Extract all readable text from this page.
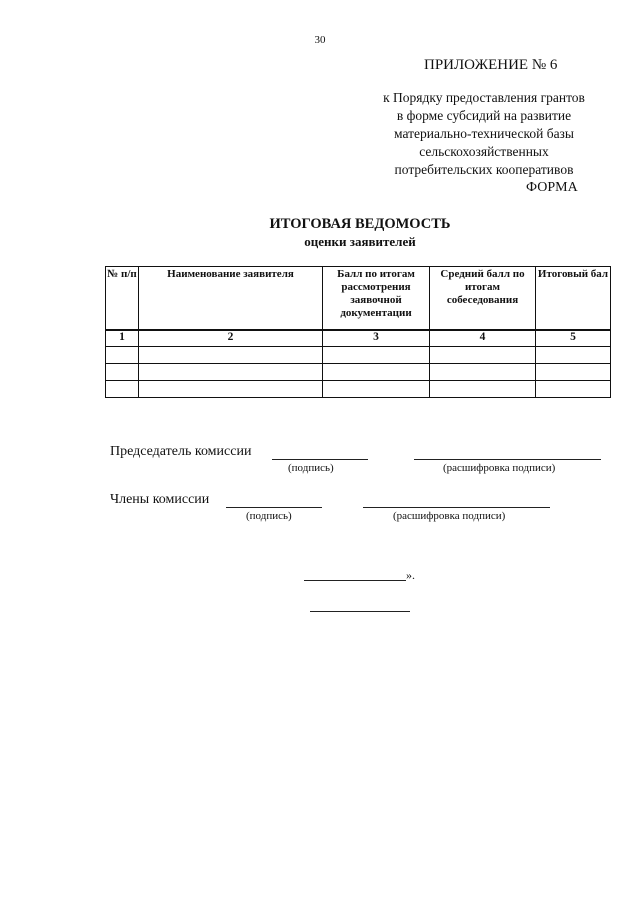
30
ПРИЛОЖЕНИЕ № 6
к Порядку предоставления грантов
в форме субсидий на развитие
материально-технической базы
сельскохозяйственных
потребительских кооперативов
ФОРМА
ИТОГОВАЯ ВЕДОМОСТЬ
оценки заявителей
№ п/п	Наименование заявителя	Балл по итогам рассмотрения заявочной документации	Средний балл по итогам собеседования	Итоговый бал
1	2	3	4	5

Председатель комиссии
(подпись)	(расшифровка подписи)
Члены комиссии
(подпись)	(расшифровка подписи)
».
